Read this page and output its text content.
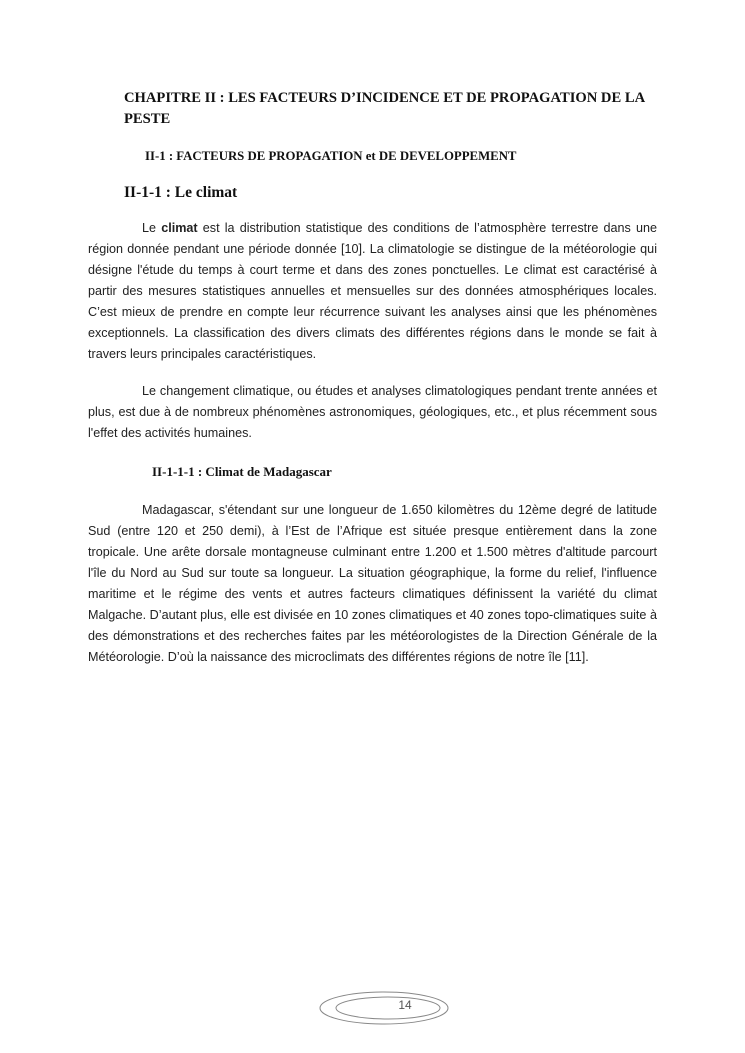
CHAPITRE II : LES FACTEURS D’INCIDENCE ET DE PROPAGATION DE LA
PESTE
II-1 : FACTEURS DE PROPAGATION et DE DEVELOPPEMENT
II-1-1 : Le climat

Le climat est la distribution statistique des conditions de l’atmosphère terrestre dans une région donnée pendant une période donnée [10]. La climatologie se distingue de la météorologie qui désigne l'étude du temps à court terme et dans des zones ponctuelles. Le climat est caractérisé à partir des mesures statistiques annuelles et mensuelles sur des données atmosphériques locales. C’est mieux de prendre en compte leur récurrence suivant les analyses ainsi que les phénomènes exceptionnels. La classification des divers climats des différentes régions dans le monde se fait à travers leurs principales caractéristiques.

Le changement climatique, ou études et analyses climatologiques pendant trente années et plus, est due à de nombreux phénomènes astronomiques, géologiques, etc., et plus récemment sous l'effet des activités humaines.

II-1-1-1 : Climat de Madagascar

Madagascar, s'étendant sur une longueur de 1.650 kilomètres du 12ème degré de latitude Sud (entre 120 et 250 demi), à l’Est de l’Afrique est située presque entièrement dans la zone tropicale. Une arête dorsale montagneuse culminant entre 1.200 et 1.500 mètres d'altitude parcourt l'île du Nord au Sud sur toute sa longueur. La situation géographique, la forme du relief, l'influence maritime et le régime des vents et autres facteurs climatiques définissent la variété du climat Malgache. D’autant plus, elle est divisée en 10 zones climatiques et 40 zones topo-climatiques suite à des démonstrations et des recherches faites par les météorologistes de la Direction Générale de la Météorologie. D’où la naissance des microclimats des différentes régions de notre île [11].

14
